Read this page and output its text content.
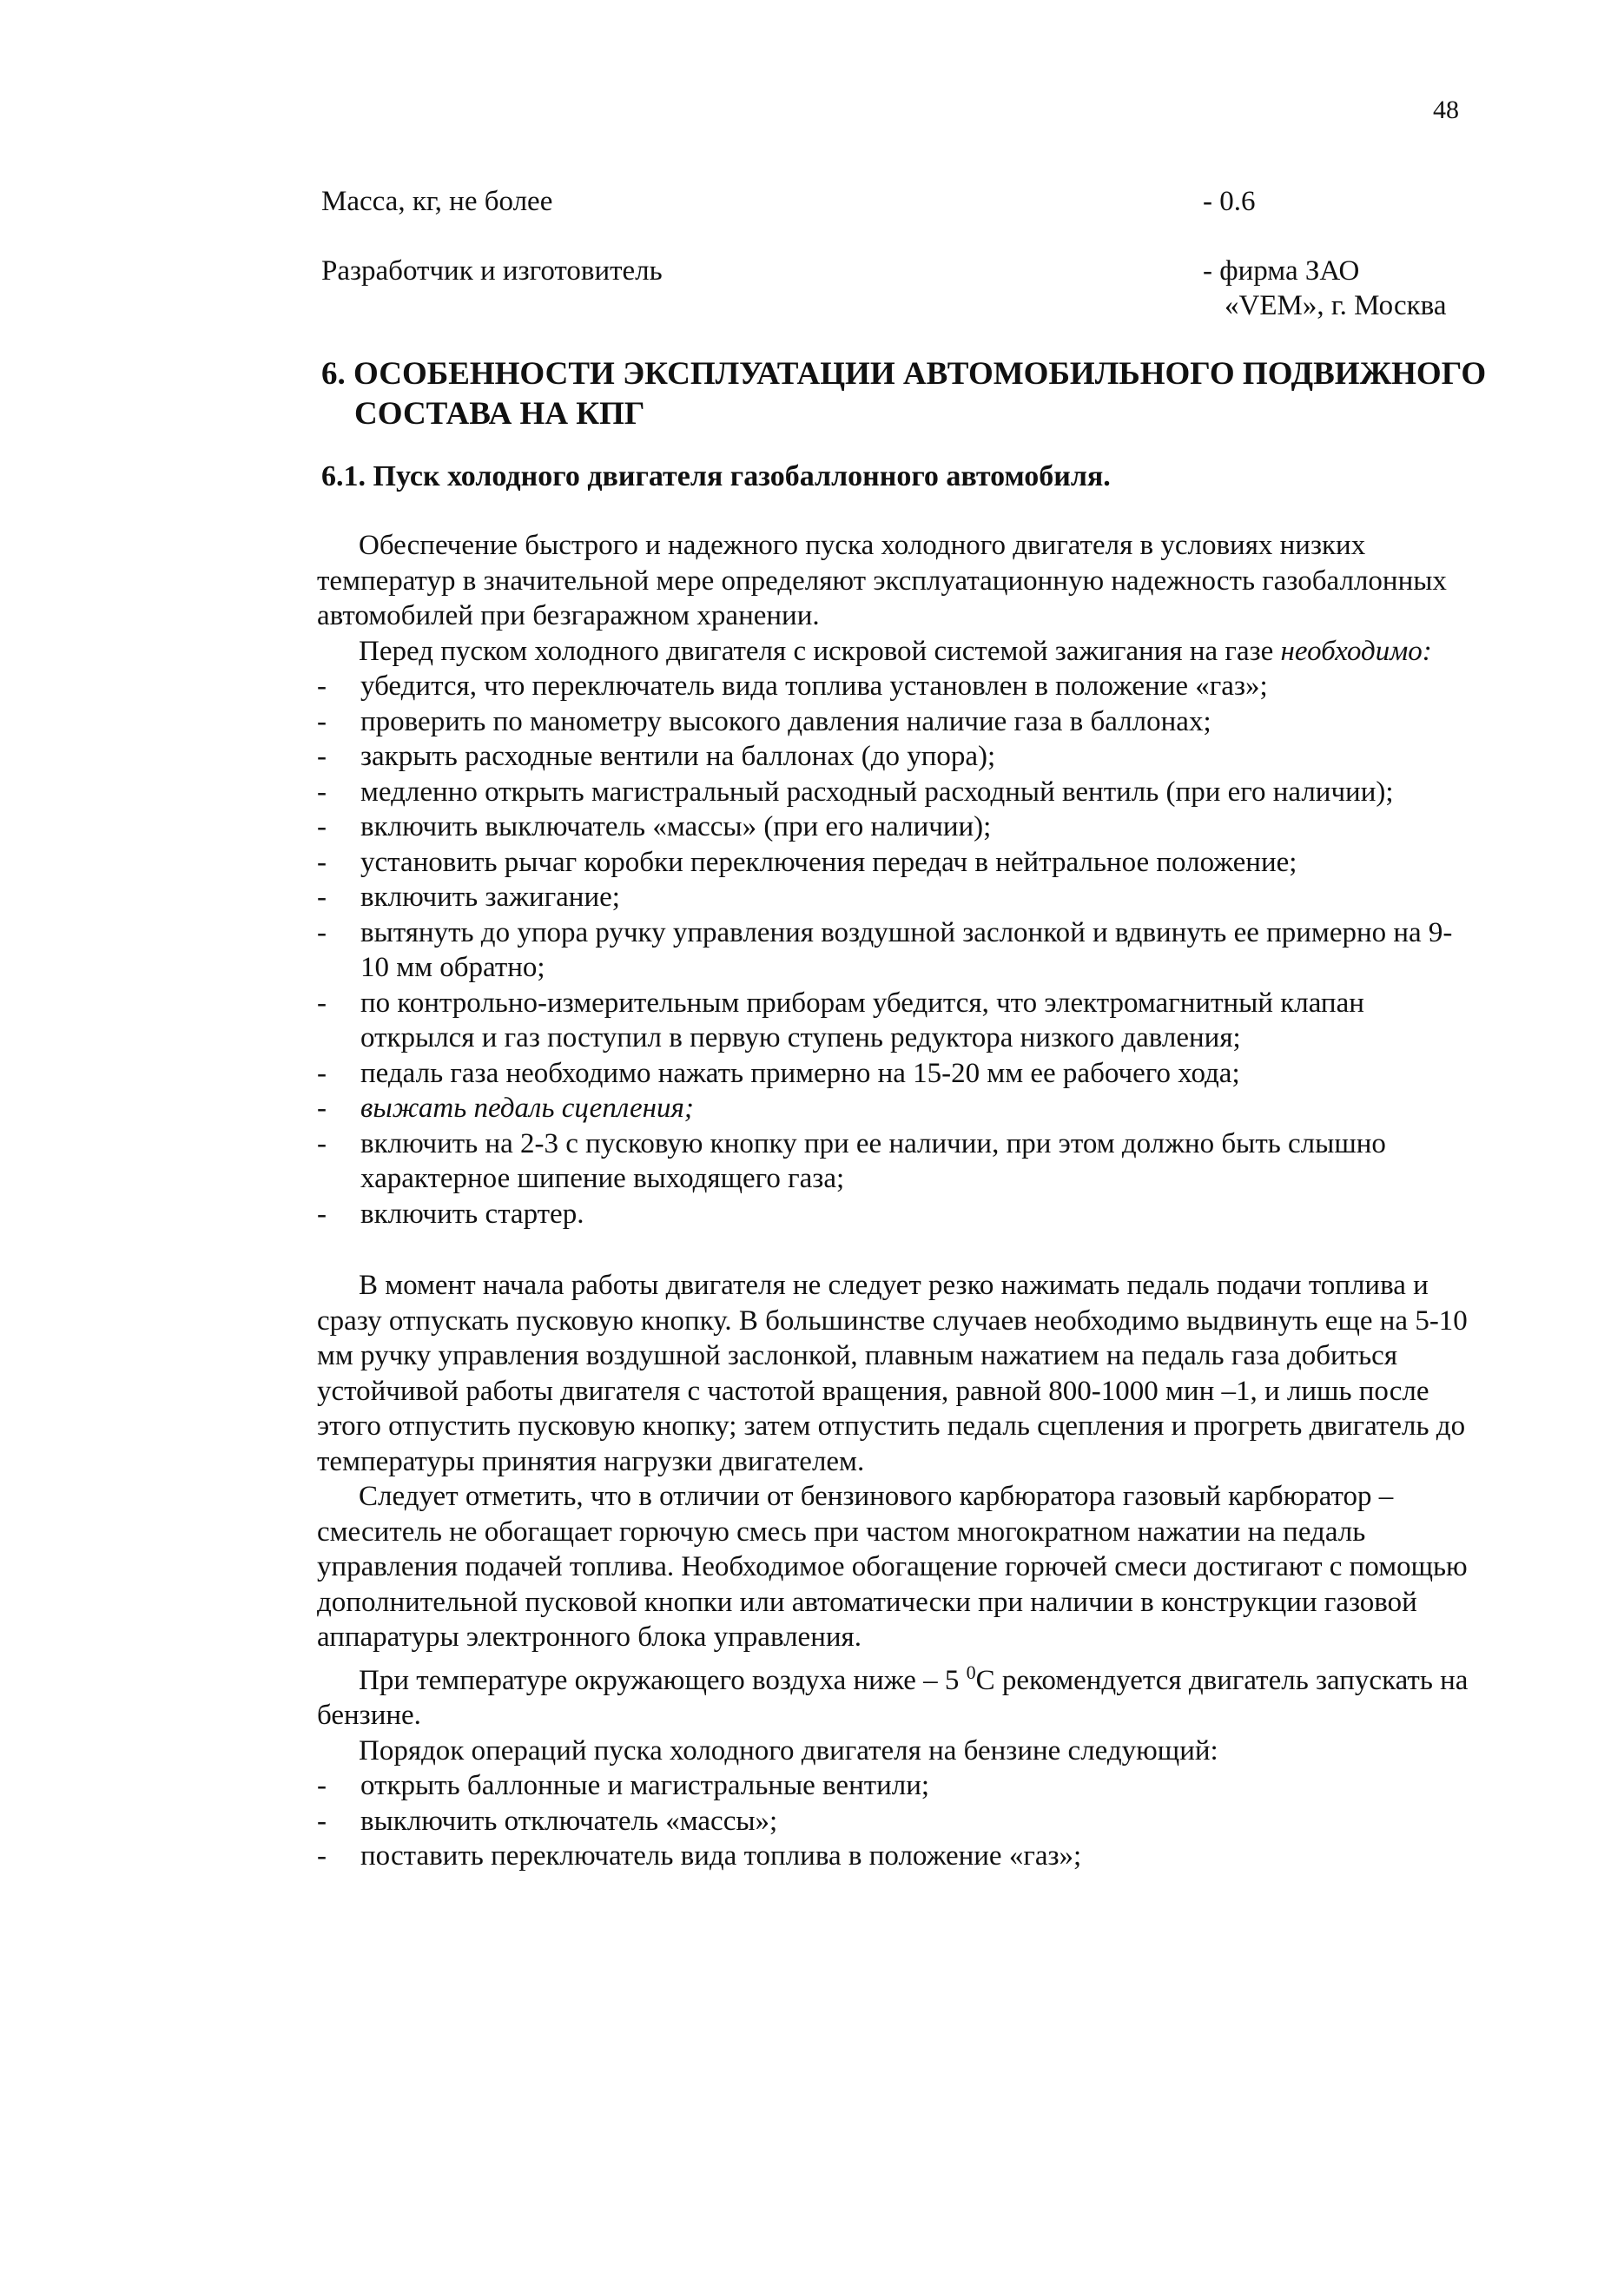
48
Масса, кг, не более	- 0.6
Разработчик и изготовитель	- фирма ЗАО
«VEM», г. Москва
6. ОСОБЕННОСТИ ЭКСПЛУАТАЦИИ АВТОМОБИЛЬНОГО ПОДВИЖНОГО
СОСТАВА НА КПГ
6.1. Пуск холодного двигателя газобаллонного автомобиля.

Обеспечение быстрого и надежного пуска холодного двигателя в условиях низких температур в значительной мере определяют эксплуатационную надежность газобаллонных автомобилей при безгаражном хранении.

Перед пуском холодного двигателя с искровой системой зажигания на газе необходимо:

- убедится, что переключатель вида топлива установлен в положение «газ»;
- проверить по манометру высокого давления наличие газа в баллонах;
- закрыть расходные вентили на баллонах (до упора);
- медленно открыть магистральный расходный расходный вентиль (при его наличии);
- включить выключатель «массы» (при его наличии);
- установить рычаг коробки переключения передач в нейтральное положение;
- включить зажигание;
- вытянуть до упора ручку управления воздушной заслонкой и вдвинуть ее примерно на 9-10 мм обратно;
- по контрольно-измерительным приборам убедится, что электромагнитный клапан открылся и газ поступил в первую ступень редуктора низкого давления;
- педаль газа необходимо нажать примерно на 15-20 мм ее рабочего хода;
- выжать педаль сцепления;
- включить на 2-3 с пусковую кнопку при ее наличии, при этом должно быть слышно характерное шипение выходящего газа;
- включить стартер.

В момент начала работы двигателя не следует резко нажимать педаль подачи топлива и сразу отпускать пусковую кнопку. В большинстве случаев необходимо выдвинуть еще на 5-10 мм ручку управления воздушной заслонкой, плавным нажатием на педаль газа добиться устойчивой работы двигателя с частотой вращения, равной 800-1000 мин –1, и лишь после этого отпустить пусковую кнопку; затем отпустить педаль сцепления и прогреть двигатель до температуры принятия нагрузки двигателем.

Следует отметить, что в отличии от бензинового карбюратора газовый карбюратор – смеситель не обогащает горючую смесь при частом многократном нажатии на педаль управления подачей топлива. Необходимое обогащение горючей смеси достигают с помощью дополнительной пусковой кнопки или автоматически при наличии в конструкции газовой аппаратуры электронного блока управления.

При температуре окружающего воздуха ниже – 5 $^0$С рекомендуется двигатель запускать на бензине.

Порядок операций пуска холодного двигателя на бензине следующий:

- открыть баллонные и магистральные вентили;
- выключить отключатель «массы»;
- поставить переключатель вида топлива в положение «газ»;
